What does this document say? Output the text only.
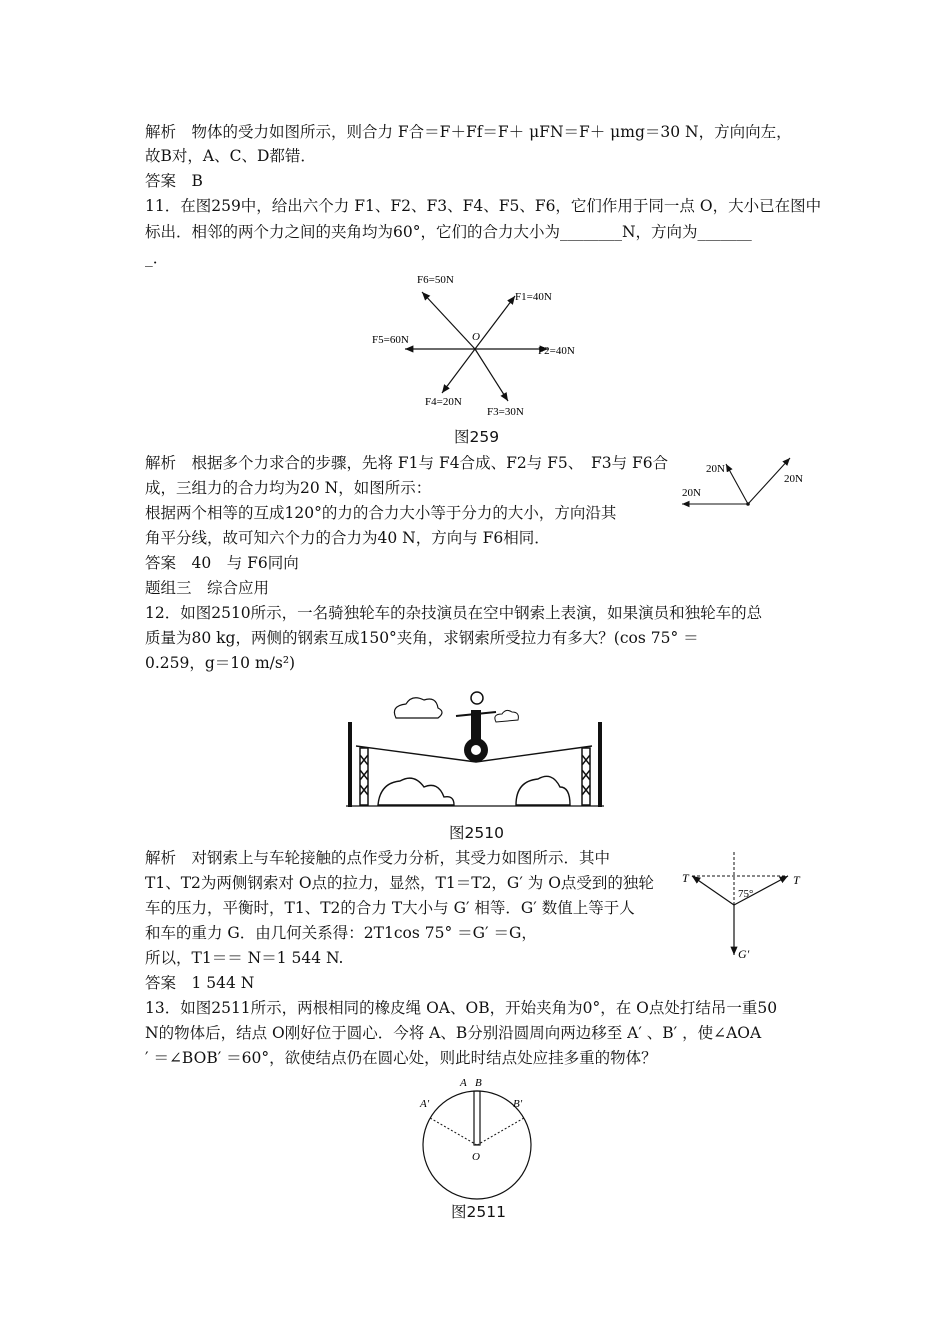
解析　物体的受力如图所示，则合力 F合＝F＋Ff＝F＋ μFN＝F＋ μmg＝30 N，方向向左，
故B对，A、C、D都错．
答案　B
11．在图259中，给出六个力 F1、F2、F3、F4、F5、F6，它们作用于同一点 O，大小已在图中
标出．相邻的两个力之间的夹角均为60°，它们的合力大小为________N，方向为_______
_．
F6=50N
F1=40N
F5=60N	O
F2=40N
F4=20N
F3=30N
图259
解析　根据多个力求合的步骤，先将 F1与 F4合成、F2与 F5、　F3与 F6合
成，三组力的合力均为20 N，如图所示：
根据两个相等的互成120°的力的合力大小等于分力的大小，方向沿其
角平分线，故可知六个力的合力为40 N，方向与 F6相同．
答案　40　与 F6同向
题组三　综合应用
20N
20N
20N
12．如图2510所示，一名骑独轮车的杂技演员在空中钢索上表演，如果演员和独轮车的总
质量为80 kg，两侧的钢索互成150°夹角，求钢索所受拉力有多大？(cos 75° ＝
0.259，g＝10 m/s²)
图2510
解析　对钢索上与车轮接触的点作受力分析，其受力如图所示．其中
T1、T2为两侧钢索对 O点的拉力，显然，T1＝T2，G′ 为 O点受到的独轮
车的压力，平衡时，T1、T2的合力 T大小与 G′ 相等．G′ 数值上等于人
和车的重力 G．由几何关系得：2T1cos 75° ＝G′ ＝G，
所以，T1＝＝ N＝1 544 N.
答案　1 544 N
T	T
75°
G′
13．如图2511所示，两根相同的橡皮绳 OA、OB，开始夹角为0°，在 O点处打结吊一重50
N的物体后，结点 O刚好位于圆心．今将 A、B分别沿圆周向两边移至 A′ 、B′ ，使∠AOA
′ ＝∠BOB′ ＝60°，欲使结点仍在圆心处，则此时结点处应挂多重的物体？
A B
A′	B′
O
图2511
